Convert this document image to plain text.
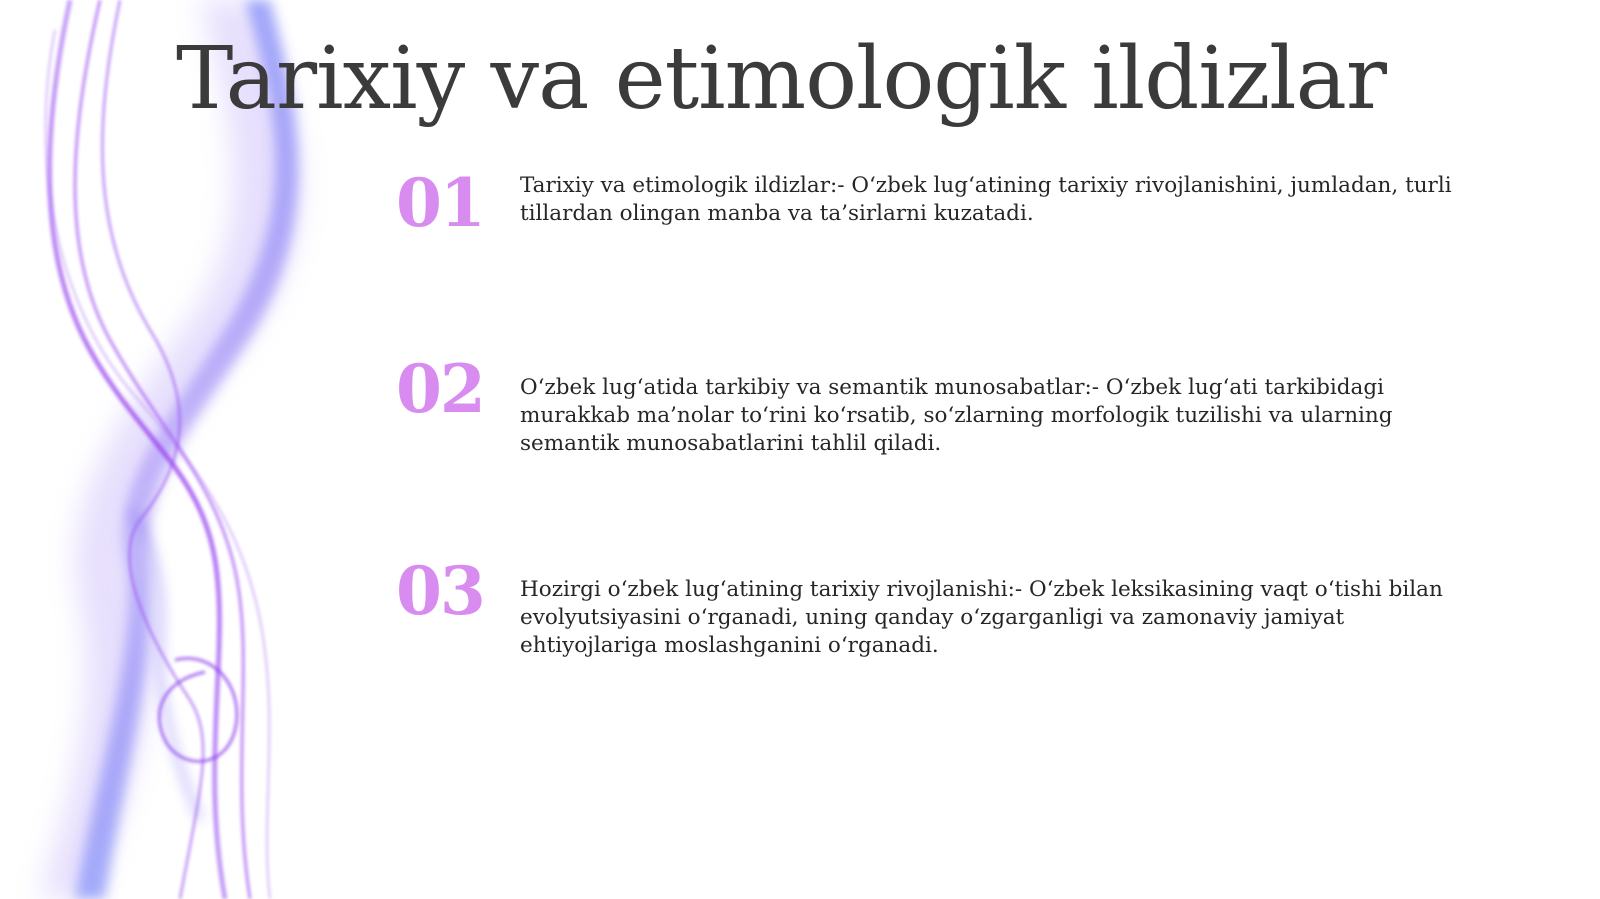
Tarixiy va etimologik ildizlar
01	Tarixiy va etimologik ildizlar:- O‘zbek lug‘atining tarixiy rivojlanishini, jumladan, turli tillardan olingan manba va ta’sirlarni kuzatadi.
02	O‘zbek lug‘atida tarkibiy va semantik munosabatlar:- O‘zbek lug‘ati tarkibidagi murakkab ma’nolar to‘rini ko‘rsatib, so‘zlarning morfologik tuzilishi va ularning semantik munosabatlarini tahlil qiladi.
03	Hozirgi o‘zbek lug‘atining tarixiy rivojlanishi:- O‘zbek leksikasining vaqt o‘tishi bilan evolyutsiyasini o‘rganadi, uning qanday o‘zgarganligi va zamonaviy jamiyat ehtiyojlariga moslashganini o‘rganadi.
